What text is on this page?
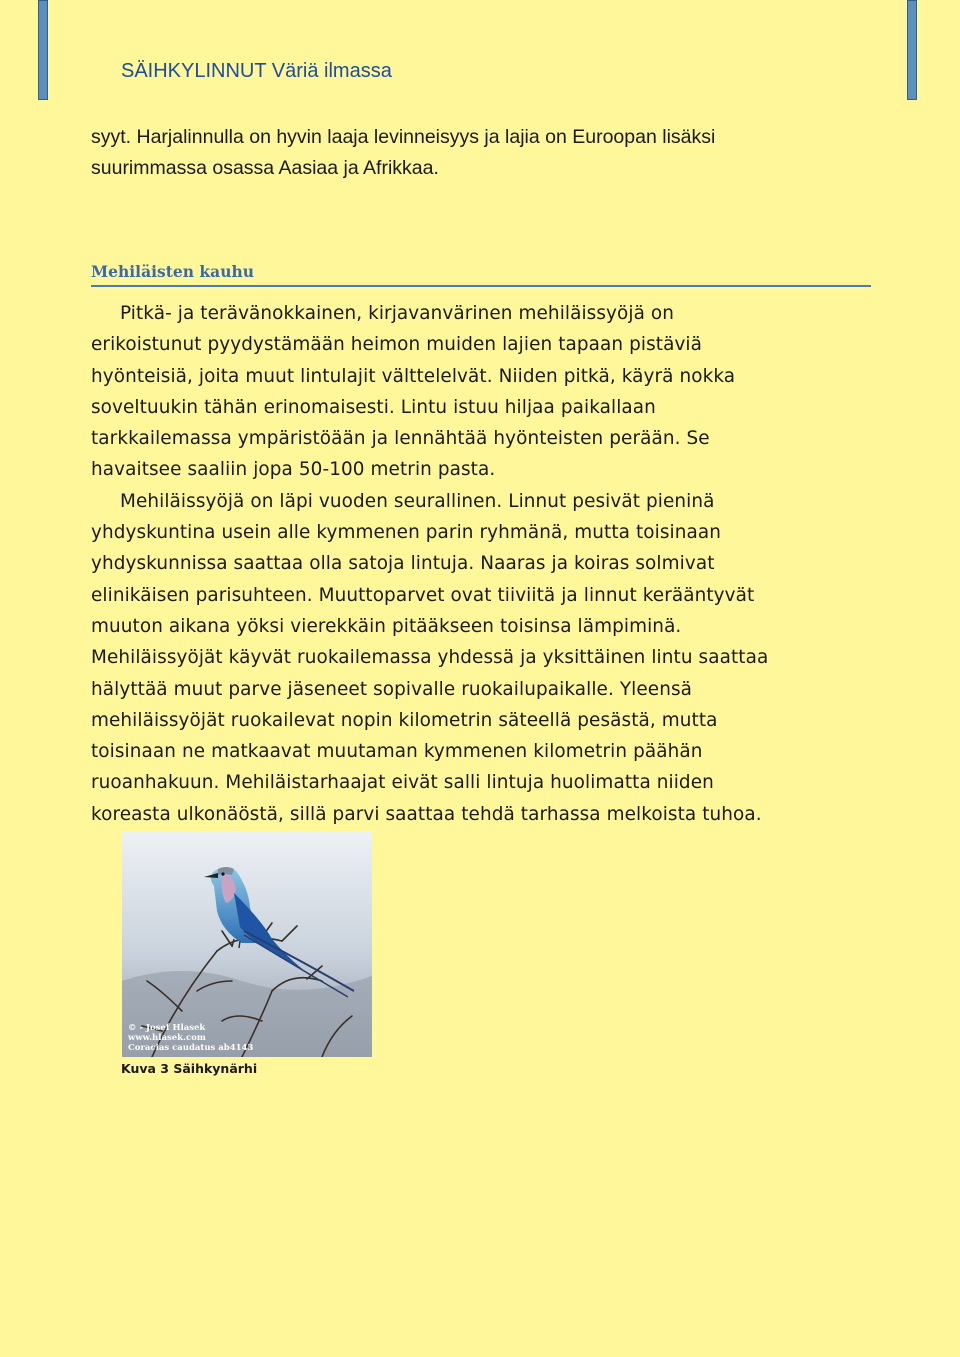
SÄIHKYLINNUT Väriä ilmassa
syyt. Harjalinnulla on hyvin laaja levinneisyys ja lajia on Euroopan lisäksi
suurimmassa osassa Aasiaa ja Afrikkaa.
Mehiläisten kauhu
Pitkä- ja terävänokkainen, kirjavanvärinen mehiläissyöjä on
erikoistunut pyydystämään heimon muiden lajien tapaan pistäviä
hyönteisiä, joita muut lintulajit välttelelvät. Niiden pitkä, käyrä nokka
soveltuukin tähän erinomaisesti. Lintu istuu hiljaa paikallaan
tarkkailemassa ympäristöään ja lennähtää hyönteisten perään. Se
havaitsee saaliin jopa 50-100 metrin pasta.
Mehiläissyöjä on läpi vuoden seurallinen. Linnut pesivät pieninä
yhdyskuntina usein alle kymmenen parin ryhmänä, mutta toisinaan
yhdyskunnissa saattaa olla satoja lintuja. Naaras ja koiras solmivat
elinikäisen parisuhteen. Muuttoparvet ovat tiiviitä ja linnut kerääntyvät
muuton aikana yöksi vierekkäin pitääkseen toisinsa lämpiminä.
Mehiläissyöjät käyvät ruokailemassa yhdessä ja yksittäinen lintu saattaa
hälyttää muut parve jäseneet sopivalle ruokailupaikalle. Yleensä
mehiläissyöjät ruokailevat nopin kilometrin säteellä pesästä, mutta
toisinaan ne matkaavat muutaman kymmenen kilometrin päähän
ruoanhakuun. Mehiläistarhaajat eivät salli lintuja huolimatta niiden
koreasta ulkonäöstä, sillä parvi saattaa tehdä tarhassa melkoista tuhoa.
© - Josef Hlasek
www.hlasek.com
Coracias caudatus ab4143
Kuva 3 Säihkynärhi
